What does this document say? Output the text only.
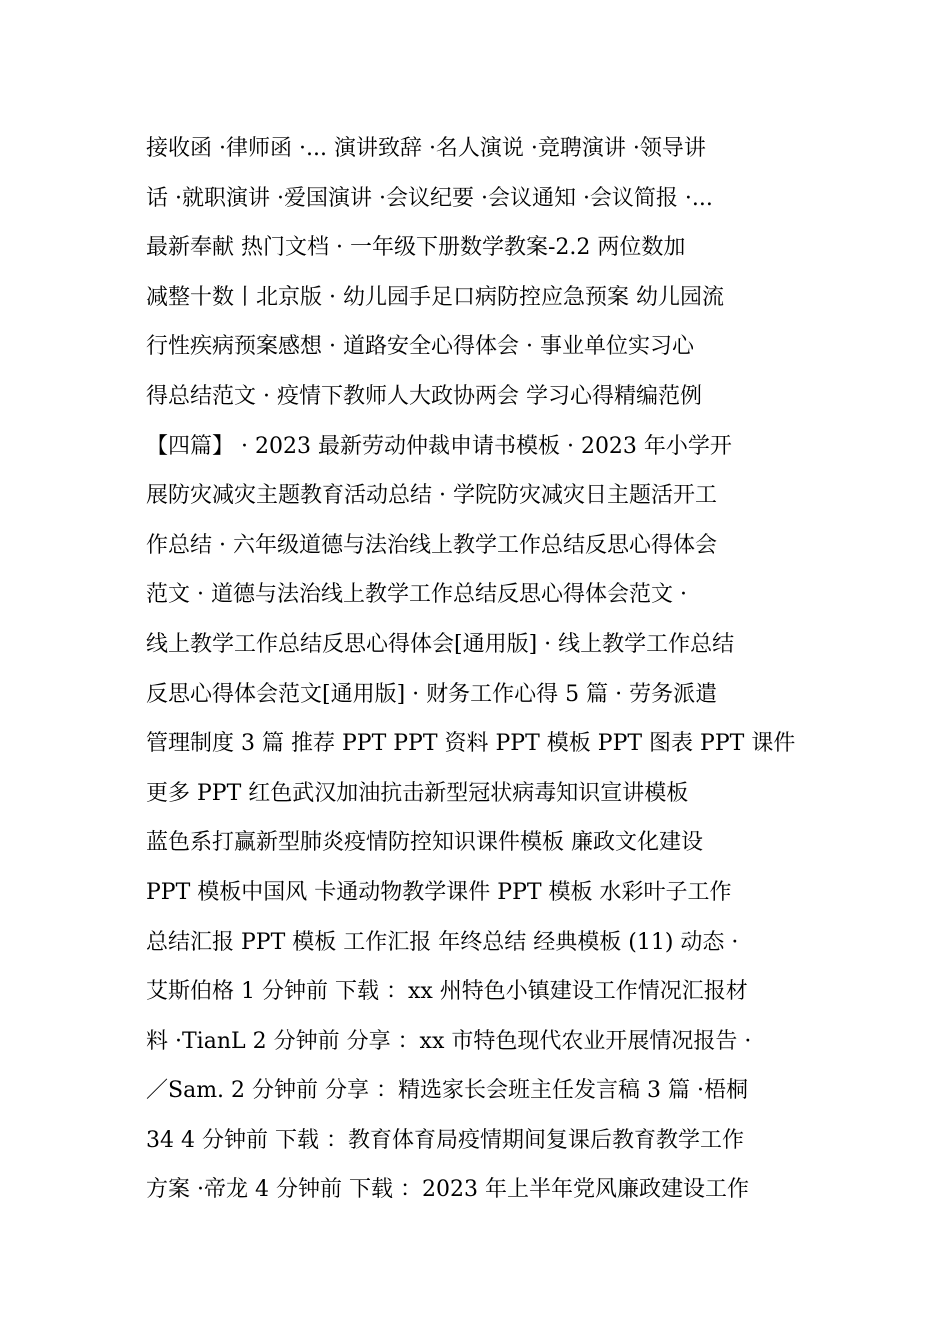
接收函 ·律师函 ·... 演讲致辞 ·名人演说 ·竞聘演讲 ·领导讲
话 ·就职演讲 ·爱国演讲 ·会议纪要 ·会议通知 ·会议简报 ·...
最新奉献 热门文档 · 一年级下册数学教案-2.2 两位数加
减整十数丨北京版 · 幼儿园手足口病防控应急预案 幼儿园流
行性疾病预案感想 · 道路安全心得体会 · 事业单位实习心
得总结范文 · 疫情下教师人大政协两会 学习心得精编范例
【四篇】 · 2023 最新劳动仲裁申请书模板 · 2023 年小学开
展防灾减灾主题教育活动总结 · 学院防灾减灾日主题活开工
作总结 · 六年级道德与法治线上教学工作总结反思心得体会
范文 · 道德与法治线上教学工作总结反思心得体会范文 ·
线上教学工作总结反思心得体会[通用版] · 线上教学工作总结
反思心得体会范文[通用版] · 财务工作心得 5 篇 · 劳务派遣
管理制度 3 篇 推荐 PPT PPT 资料 PPT 模板 PPT 图表 PPT 课件
更多 PPT 红色武汉加油抗击新型冠状病毒知识宣讲模板
蓝色系打赢新型肺炎疫情防控知识课件模板 廉政文化建设
PPT 模板中国风 卡通动物教学课件 PPT 模板 水彩叶子工作
总结汇报 PPT 模板 工作汇报 年终总结 经典模板 (11) 动态 ·
艾斯伯格 1 分钟前 下载 ：xx 州特色小镇建设工作情况汇报材
料 ·TianL 2 分钟前 分享 ：xx 市特色现代农业开展情况报告 ·
／Sam. 2 分钟前 分享 ：精选家长会班主任发言稿 3 篇 ·梧桐
34 4 分钟前 下载 ：教育体育局疫情期间复课后教育教学工作
方案 ·帝龙 4 分钟前 下载 ：2023 年上半年党风廉政建设工作
